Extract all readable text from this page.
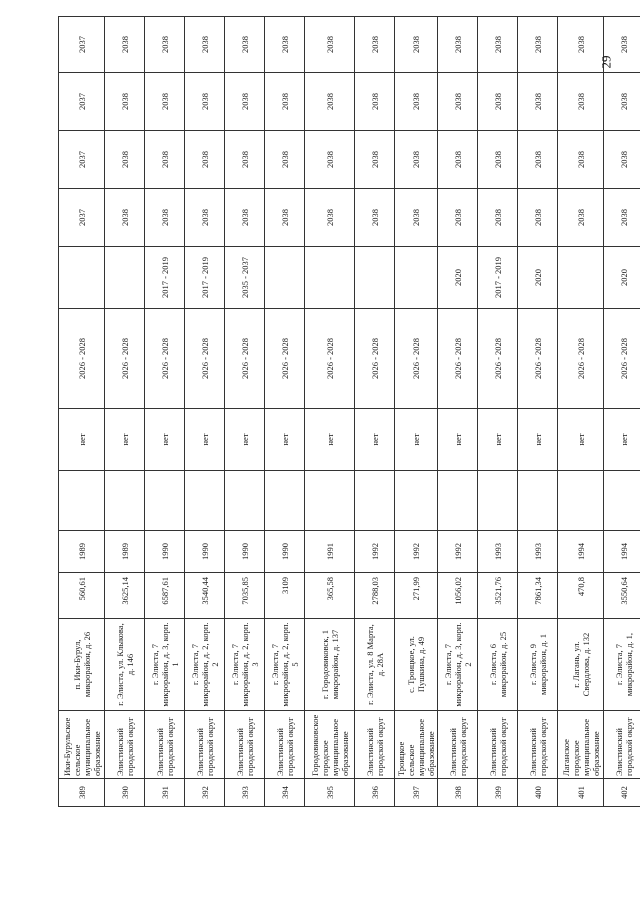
389	Ики-Бурульское сельское муниципальное образование	п. Ики-Бурул, микрорайон, д. 26	560,61	1989		нет	2026 - 2028		2037	2037	2037	2037
390	Элистинский городской округ	г. Элиста, ул. Клыкова, д. 146	3625,14	1989		нет	2026 - 2028		2038	2038	2038	2038
391	Элистинский городской округ	г. Элиста, 7 микрорайон, д. 3, корп. 1	6587,61	1990		нет	2026 - 2028	2017 - 2019	2038	2038	2038	2038
392	Элистинский городской округ	г. Элиста, 7 микрорайон, д. 2, корп. 2	3540,44	1990		нет	2026 - 2028	2017 - 2019	2038	2038	2038	2038
393	Элистинский городской округ	г. Элиста, 7 микрорайон, д. 2, корп. 3	7035,85	1990		нет	2026 - 2028	2035 - 2037	2038	2038	2038	2038
394	Элистинский городской округ	г. Элиста, 7 микрорайон, д. 2, корп. 5	3109	1990		нет	2026 - 2028		2038	2038	2038	2038
395	Городовиковское городское муниципальное образование	г. Городовиковск, 1 микрорайон, д. 137	365,58	1991		нет	2026 - 2028		2038	2038	2038	2038
396	Элистинский городской округ	г. Элиста, ул. 8 Марта, д. 28А	2788,03	1992		нет	2026 - 2028		2038	2038	2038	2038
397	Троицкое сельское муниципальное образование	с. Троицкое, ул. Пушкина, д. 49	271,99	1992		нет	2026 - 2028		2038	2038	2038	2038
398	Элистинский городской округ	г. Элиста, 7 микрорайон, д. 3, корп. 2	1056,02	1992		нет	2026 - 2028	2020	2038	2038	2038	2038
399	Элистинский городской округ	г. Элиста, 6 микрорайон, д. 25	3521,76	1993		нет	2026 - 2028	2017 - 2019	2038	2038	2038	2038
400	Элистинский городской округ	г. Элиста, 9 микрорайон, д. 1	7861,34	1993		нет	2026 - 2028	2020	2038	2038	2038	2038
401	Лаганское городское муниципальное образование	г. Лагань, ул. Свердлова, д. 132	470,8	1994		нет	2026 - 2028		2038	2038	2038	2038
402	Элистинский городской округ	г. Элиста, 7 микрорайон, д. 1,	3550,64	1994		нет	2026 - 2028	2020	2038	2038	2038	2038
29
